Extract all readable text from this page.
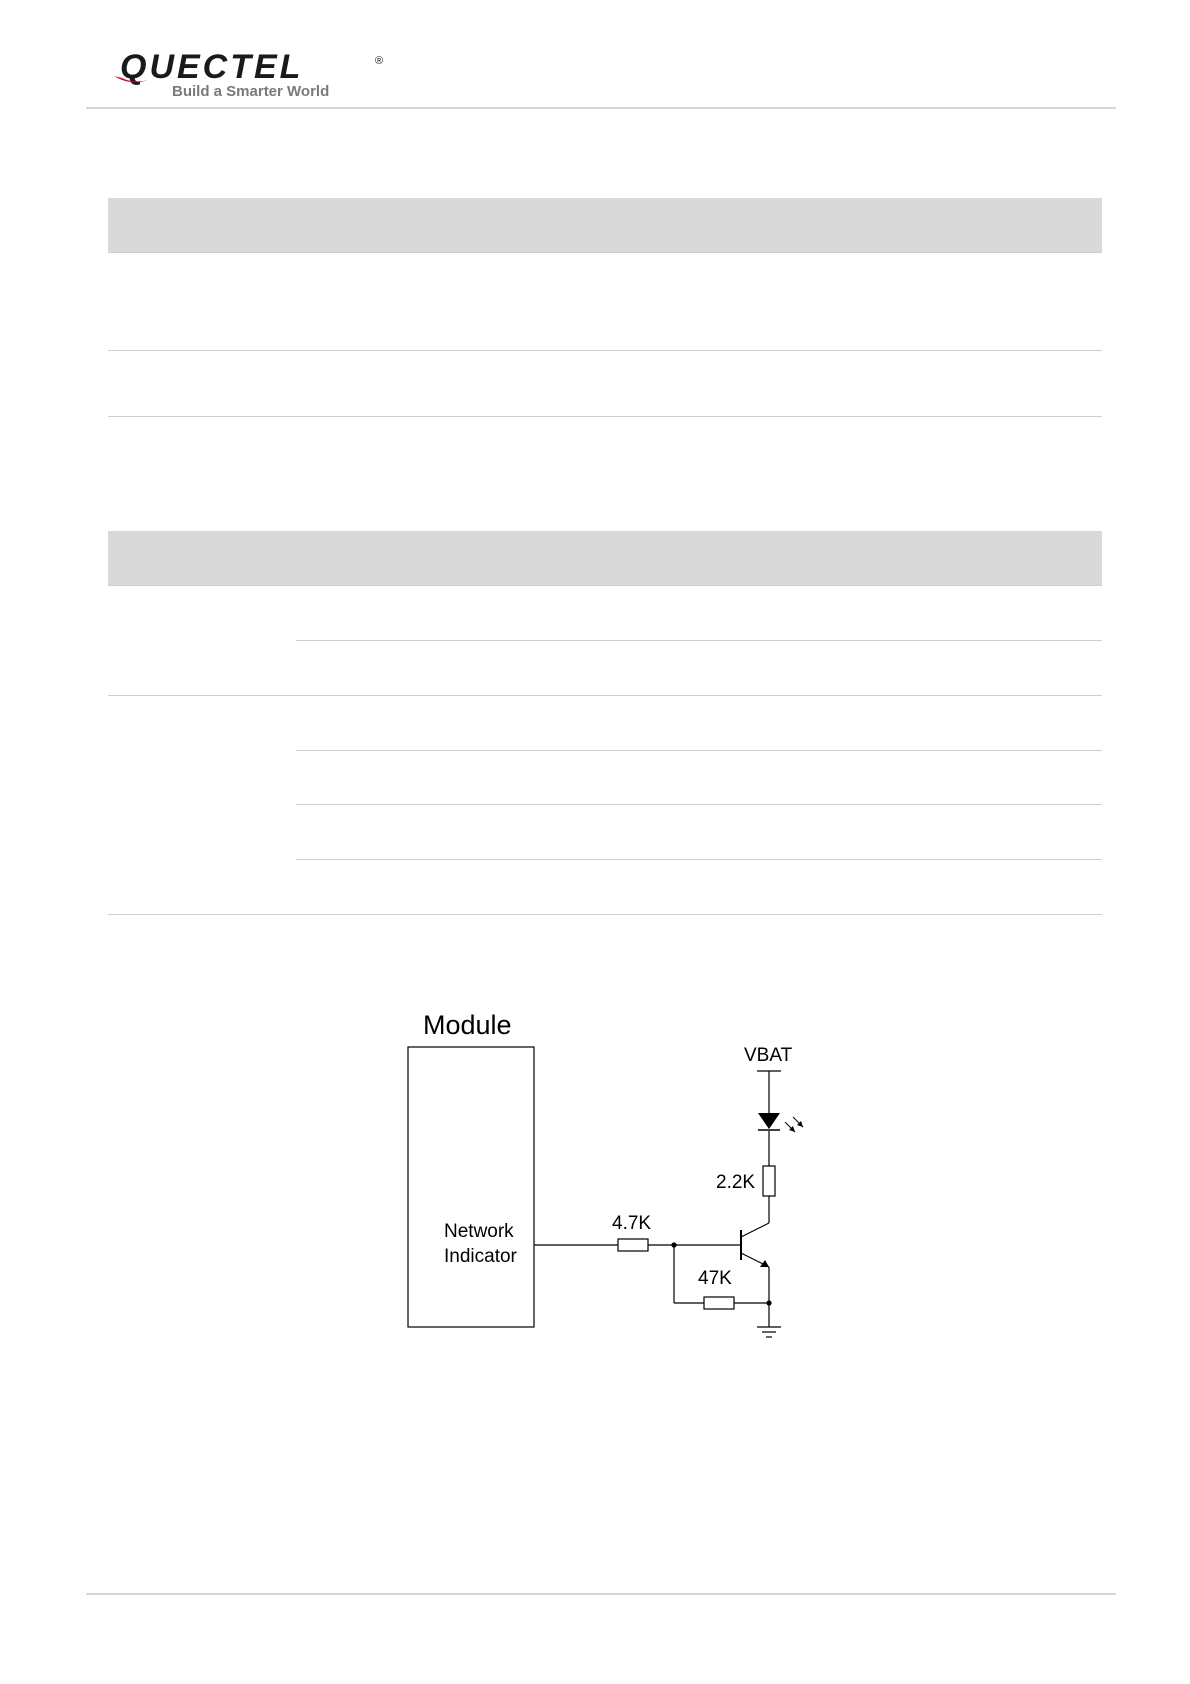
QUECTEL	®
Build a Smarter World
Module
Network
Indicator
4.7K
47K
2.2K
VBAT
